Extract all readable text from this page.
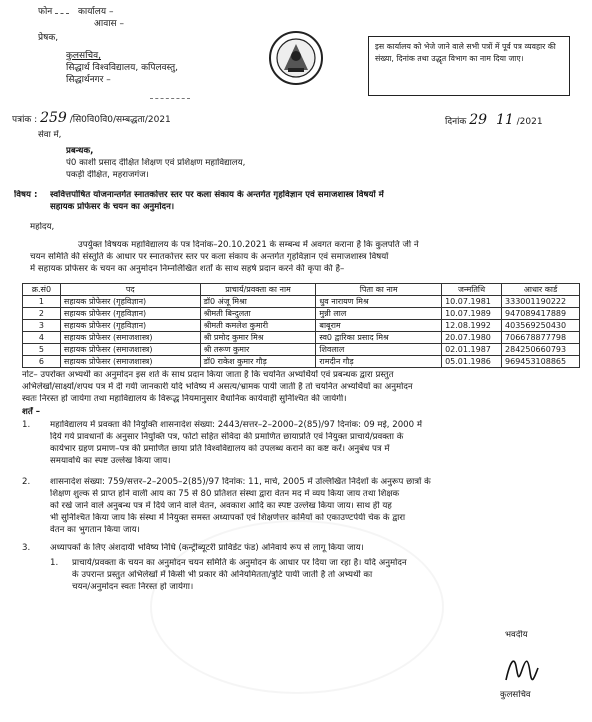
फोन	कार्यालय –
आवास –
प्रेषक,
कुलसचिव,
सिद्धार्थ विश्वविद्यालय, कपिलवस्तु,
सिद्धार्थनगर –
इस कार्यालय को भेजे जाने वाले सभी पत्रों में पूर्व पत्र व्यवहार की संख्या, दिनांक तथा उद्धृत विभाग का नाम दिया जाए।
पत्रांक : 259 /सि0वि0वि0/सम्बद्धता/2021	दिनांक 29 11 /2021
सेवा में,
प्रबन्धक,
पं0 काशी प्रसाद दीक्षित शिक्षण एवं प्रशिक्षण महाविद्यालय,
पकड़ी दीक्षित, महराजगंज।
विषय : स्ववित्तपोषित योजनान्तर्गत स्नातकोत्तर स्तर पर कला संकाय के अन्तर्गत गृहविज्ञान एवं समाजशास्त्र विषयों में
सहायक प्रोफेसर के चयन का अनुमोदन।
महोदय,
उपर्युक्त विषयक महाविद्यालय के पत्र दिनांक–20.10.2021 के सम्बन्ध में अवगत कराना है कि कुलपति जी ने
चयन समिति की संस्तुति के आधार पर स्नातकोत्तर स्तर पर कला संकाय के अन्तर्गत गृहविज्ञान एवं समाजशास्त्र विषयों
में सहायक प्रोफेसर के चयन का अनुमोदन निम्नलिखित शर्तों के साथ सहर्ष प्रदान करने की कृपा की है–
क्र.सं0	पद	प्राचार्य/प्रवक्ता का नाम	पिता का नाम	जन्मतिथि	आधार कार्ड
1	सहायक प्रोफेसर (गृहविज्ञान)	डॉ0 अंजू मिश्रा	धुव नारायण मिश्र	10.07.1981	333001190222
2	सहायक प्रोफेसर (गृहविज्ञान)	श्रीमती बिन्दुलता	मुन्नी लाल	10.07.1989	947089417889
3	सहायक प्रोफेसर (गृहविज्ञान)	श्रीमती कमलेश कुमारी	बाबूराम	12.08.1992	403569250430
4	सहायक प्रोफेसर (समाजशास्त्र)	श्री प्रमोद कुमार मिश्र	स्व0 द्वारिका प्रसाद मिश्र	20.07.1980	706678877798
5	सहायक प्रोफेसर (समाजशास्त्र)	श्री तरूण कुमार	शिवलाल	02.01.1987	284250660793
6	सहायक प्रोफेसर (समाजशास्त्र)	डॉ0 राकेश कुमार गौड़	रामदीन गौड़	05.01.1986	969453108865
नोट– उपरोक्त अभ्यर्थी का अनुमोदन इस शर्त के साथ प्रदान किया जाता है कि चयनित अभ्यर्थियों एवं प्रबन्धक द्वारा प्रस्तुत
अभिलेखों/साक्ष्यों/शपथ पत्र में दी गयी जानकारी यदि भविष्य में असत्य/भ्रामक पायी जाती है तो चयनित अभ्यर्थियों का अनुमोदन
स्वतः निरस्त हो जायेगा तथा महाविद्यालय के विरूद्ध नियमानुसार वैधानिक कार्यवाही सुनिश्चित की जायेगी।
शर्तें –
1. महाविद्यालय में प्रवक्ता की नियुक्ति शासनादेश संख्या: 2443/सत्तर–2–2000–2(85)/97 दिनांक: 09 मई, 2000 में
दिये गये प्रावधानों के अनुसार नियुक्ति पत्र, फोटो सहित संविदा की प्रमाणित छायाप्रति एवं नियुक्त प्राचार्य/प्रवक्ता के
कार्यभार ग्रहण प्रमाण–पत्र की प्रमाणित छाया प्रति विश्वविद्यालय को उपलब्ध कराने का कष्ट करें। अनुबंध पत्र में
समयावधि का स्पष्ट उल्लेख किया जाय।
2. शासनादेश संख्या: 759/सत्तर–2–2005–2(85)/97 दिनांक: 11, मार्च, 2005 में उल्लिखित निर्देशों के अनुरूप छात्रों के
शिक्षण शुल्क से प्राप्त होने वाली आय का 75 से 80 प्रतिशत संस्था द्वारा वेतन मद में व्यय किया जाय तथा शिक्षक
को रखे जाने वाले अनुबन्ध पत्र में दिये जाने वाले वेतन, अवकाश आदि का स्पष्ट उल्लेख किया जाय। साथ ही यह
भी सुनिश्चित किया जाय कि संस्था में नियुक्त समस्त अध्यापकों एवं शिक्षणेत्तर कर्मियों को एकाउण्टपेयी चेक के द्वारा
वेतन का भुगतान किया जाय।
3. अध्यापकों के लिए अंशदायी भविष्य निधि (कन्ट्रीब्यूटरी प्राविडेंट फंड) अनिवार्य रूप से लागू किया जाय।
1. प्राचार्य/प्रवक्ता के चयन का अनुमोदन चयन समिति के अनुमोदन के आधार पर दिया जा रहा है। यदि अनुमोदन
के उपरान्त प्रस्तुत अभिलेखों में किसी भी प्रकार की अनियमितता/त्रुटि पायी जाती है तो अभ्यर्थी का
चयन/अनुमोदन स्वतः निरस्त हो जायेगा।
भवदीय
कुलसचिव
